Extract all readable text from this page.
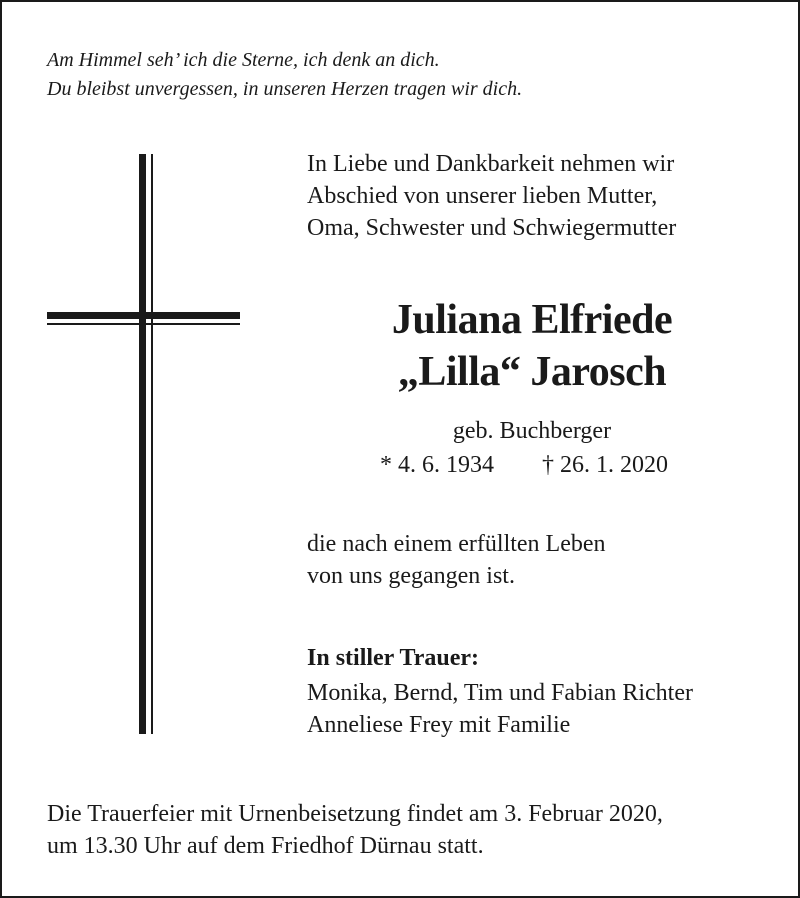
Am Himmel seh’ ich die Sterne, ich denk an dich.
Du bleibst unvergessen, in unseren Herzen tragen wir dich.
In Liebe und Dankbarkeit nehmen wir
Abschied von unserer lieben Mutter,
Oma, Schwester und Schwiegermutter
Juliana Elfriede
„Lilla“ Jarosch
geb. Buchberger
* 4. 6. 1934 † 26. 1. 2020
die nach einem erfüllten Leben
von uns gegangen ist.
In stiller Trauer:
Monika, Bernd, Tim und Fabian Richter
Anneliese Frey mit Familie
Die Trauerfeier mit Urnenbeisetzung findet am 3. Februar 2020,
um 13.30 Uhr auf dem Friedhof Dürnau statt.
